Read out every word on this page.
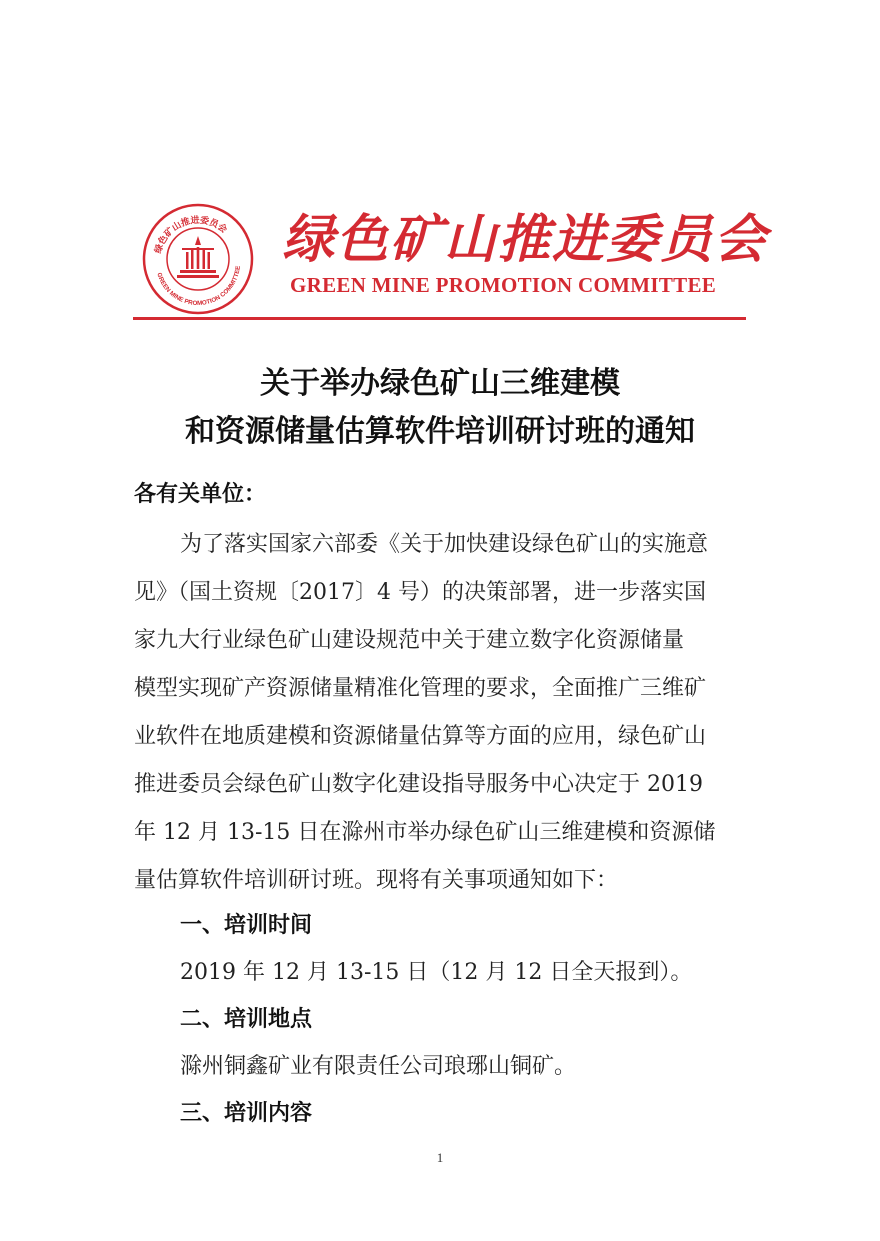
绿色矿山推进委员会
GREEN MINE PROMOTION COMMITTEE 绿色矿山推进委员会
GREEN MINE PROMOTION COMMITTEE
关于举办绿色矿山三维建模
和资源储量估算软件培训研讨班的通知
各有关单位：
为了落实国家六部委《关于加快建设绿色矿山的实施意
见》（国土资规〔2017〕4 号）的决策部署，进一步落实国
家九大行业绿色矿山建设规范中关于建立数字化资源储量
模型实现矿产资源储量精准化管理的要求，全面推广三维矿
业软件在地质建模和资源储量估算等方面的应用，绿色矿山
推进委员会绿色矿山数字化建设指导服务中心决定于 2019
年 12 月 13-15 日在滁州市举办绿色矿山三维建模和资源储
量估算软件培训研讨班。现将有关事项通知如下：
一、培训时间
2019 年 12 月 13-15 日（12 月 12 日全天报到）。
二、培训地点
滁州铜鑫矿业有限责任公司琅琊山铜矿。
三、培训内容
1
